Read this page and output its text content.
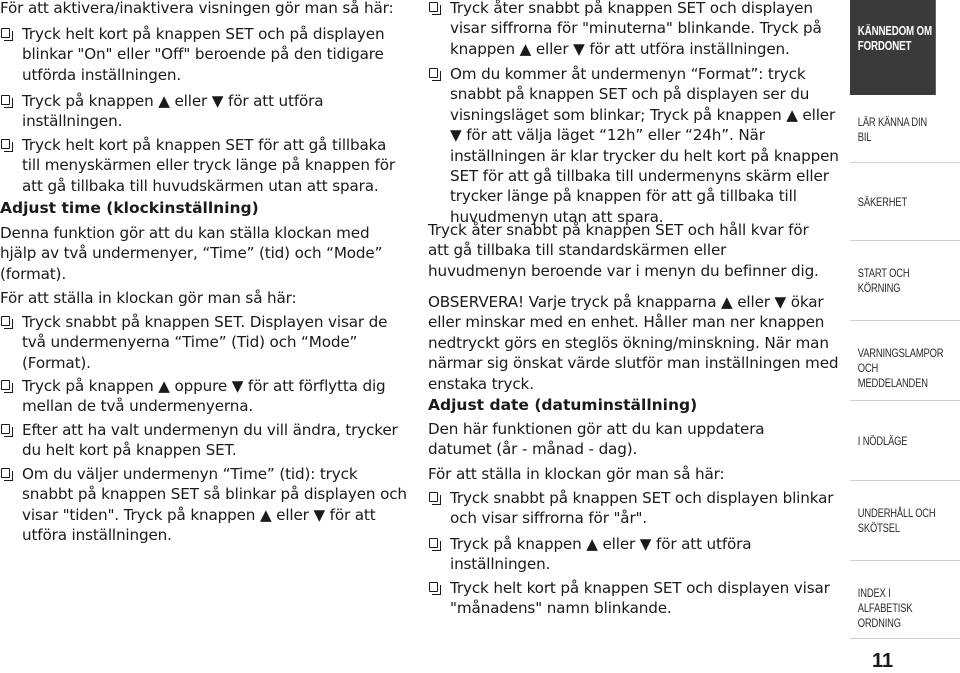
För att aktivera/inaktivera visningen gör man så här:

Tryck helt kort på knappen SET och på displayen blinkar "On" eller "Off" beroende på den tidigare utförda inställningen.
Tryck på knappen ▲ eller ▼ för att utföra inställningen.
Tryck helt kort på knappen SET för att gå tillbaka till menyskärmen eller tryck länge på knappen för att gå tillbaka till huvudskärmen utan att spara.

Adjust time (klockinställning)

Denna funktion gör att du kan ställa klockan med hjälp av två undermenyer, “Time” (tid) och “Mode” (format).

För att ställa in klockan gör man så här:

Tryck snabbt på knappen SET. Displayen visar de två undermenyerna “Time” (Tid) och “Mode” (Format).
Tryck på knappen ▲ oppure ▼ för att förflytta dig mellan de två undermenyerna.
Efter att ha valt undermenyn du vill ändra, trycker du helt kort på knappen SET.
Om du väljer undermenyn “Time” (tid): tryck snabbt på knappen SET så blinkar på displayen och visar "tiden". Tryck på knappen ▲ eller ▼ för att utföra inställningen.
Tryck åter snabbt på knappen SET och displayen visar siffrorna för "minuterna" blinkande. Tryck på knappen ▲ eller ▼ för att utföra inställningen.
Om du kommer åt undermenyn “Format”: tryck snabbt på knappen SET och på displayen ser du visningsläget som blinkar; Tryck på knappen ▲ eller ▼ för att välja läget “12h” eller “24h”. När inställningen är klar trycker du helt kort på knappen SET för att gå tillbaka till undermenyns skärm eller trycker länge på knappen för att gå tillbaka till huvudmenyn utan att spara.

Tryck åter snabbt på knappen SET och håll kvar för att gå tillbaka till standardskärmen eller huvudmenyn beroende var i menyn du befinner dig.

OBSERVERA! Varje tryck på knapparna ▲ eller ▼ ökar eller minskar med en enhet. Håller man ner knappen nedtryckt görs en steglös ökning/minskning. När man närmar sig önskat värde slutför man inställningen med enstaka tryck.

Adjust date (datuminställning)

Den här funktionen gör att du kan uppdatera datumet (år - månad - dag).

För att ställa in klockan gör man så här:

Tryck snabbt på knappen SET och displayen blinkar och visar siffrorna för "år".
Tryck på knappen ▲ eller ▼ för att utföra inställningen.
Tryck helt kort på knappen SET och displayen visar "månadens" namn blinkande.
KÄNNEDOM OM
FORDONET
LÄR KÄNNA DIN BIL
SÄKERHET
START OCH
KÖRNING
VARNINGSLAMPOR
OCH MEDDELANDEN
I NÖDLÄGE
UNDERHÅLL OCH
SKÖTSEL
INDEX I ALFABETISK
ORDNING
11
